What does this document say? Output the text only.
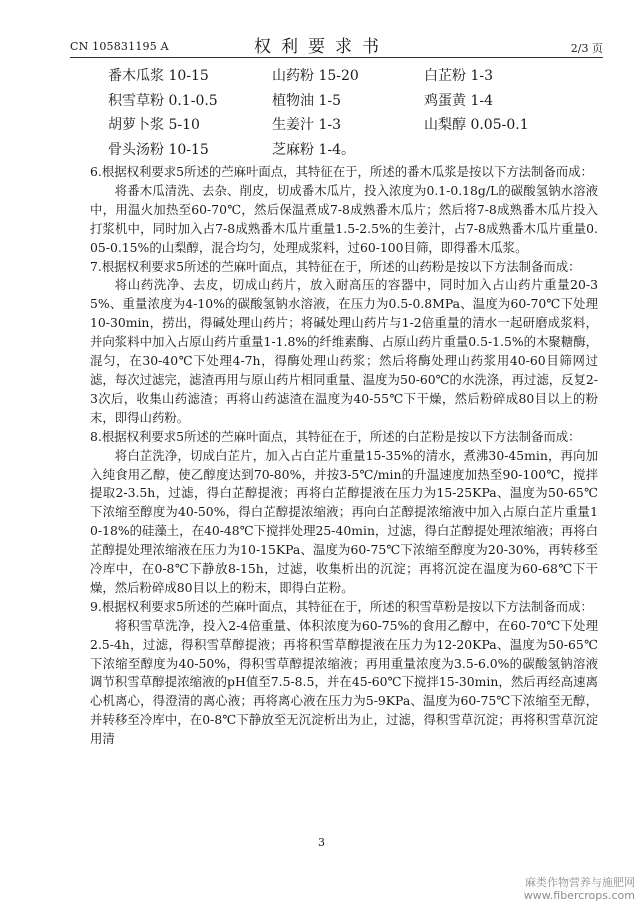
CN 105831195 A	权利要求书	2/3 页
番木瓜浆 10-15	山药粉 15-20	白芷粉 1-3
积雪草粉 0.1-0.5	植物油 1-5	鸡蛋黄 1-4
胡萝卜浆 5-10	生姜汁 1-3	山梨醇 0.05-0.1
骨头汤粉 10-15	芝麻粉 1-4。

6.根据权利要求5所述的苎麻叶面点，其特征在于，所述的番木瓜浆是按以下方法制备而成：

将番木瓜清洗、去杂、削皮，切成番木瓜片，投入浓度为0.1-0.18g/L的碳酸氢钠水溶液中，用温火加热至60-70℃，然后保温煮成7-8成熟番木瓜片；然后将7-8成熟番木瓜片投入打浆机中，同时加入占7-8成熟番木瓜片重量1.5-2.5%的生姜汁，占7-8成熟番木瓜片重量0.05-0.15%的山梨醇，混合均匀，处理成浆料，过60-100目筛，即得番木瓜浆。

7.根据权利要求5所述的苎麻叶面点，其特征在于，所述的山药粉是按以下方法制备而成：

将山药洗净、去皮，切成山药片，放入耐高压的容器中，同时加入占山药片重量20-35%、重量浓度为4-10%的碳酸氢钠水溶液，在压力为0.5-0.8MPa、温度为60-70℃下处理10-30min，捞出，得碱处理山药片；将碱处理山药片与1-2倍重量的清水一起研磨成浆料，并向浆料中加入占原山药片重量1-1.8%的纤维素酶、占原山药片重量0.5-1.5%的木聚糖酶，混匀，在30-40℃下处理4-7h，得酶处理山药浆；然后将酶处理山药浆用40-60目筛网过滤，每次过滤完，滤渣再用与原山药片相同重量、温度为50-60℃的水洗涤，再过滤，反复2-3次后，收集山药滤渣；再将山药滤渣在温度为40-55℃下干燥，然后粉碎成80目以上的粉末，即得山药粉。

8.根据权利要求5所述的苎麻叶面点，其特征在于，所述的白芷粉是按以下方法制备而成：

将白芷洗净，切成白芷片，加入占白芷片重量15-35%的清水，煮沸30-45min，再向加入纯食用乙醇，使乙醇度达到70-80%，并按3-5℃/min的升温速度加热至90-100℃，搅拌提取2-3.5h，过滤，得白芷醇提液；再将白芷醇提液在压力为15-25KPa、温度为50-65℃下浓缩至醇度为40-50%，得白芷醇提浓缩液；再向白芷醇提浓缩液中加入占原白芷片重量10-18%的硅藻土，在40-48℃下搅拌处理25-40min，过滤，得白芷醇提处理浓缩液；再将白芷醇提处理浓缩液在压力为10-15KPa、温度为60-75℃下浓缩至醇度为20-30%，再转移至冷库中，在0-8℃下静放8-15h，过滤，收集析出的沉淀；再将沉淀在温度为60-68℃下干燥，然后粉碎成80目以上的粉末，即得白芷粉。

9.根据权利要求5所述的苎麻叶面点，其特征在于，所述的积雪草粉是按以下方法制备而成：

将积雪草洗净，投入2-4倍重量、体积浓度为60-75%的食用乙醇中，在60-70℃下处理2.5-4h，过滤，得积雪草醇提液；再将积雪草醇提液在压力为12-20KPa、温度为50-65℃下浓缩至醇度为40-50%，得积雪草醇提浓缩液；再用重量浓度为3.5-6.0%的碳酸氢钠溶液调节积雪草醇提浓缩液的pH值至7.5-8.5，并在45-60℃下搅拌15-30min，然后再经高速离心机离心，得澄清的离心液；再将离心液在压力为5-9KPa、温度为60-75℃下浓缩至无醇，并转移至冷库中，在0-8℃下静放至无沉淀析出为止，过滤，得积雪草沉淀；再将积雪草沉淀用清

3
麻类作物营养与施肥网
www.fibercrops.com
